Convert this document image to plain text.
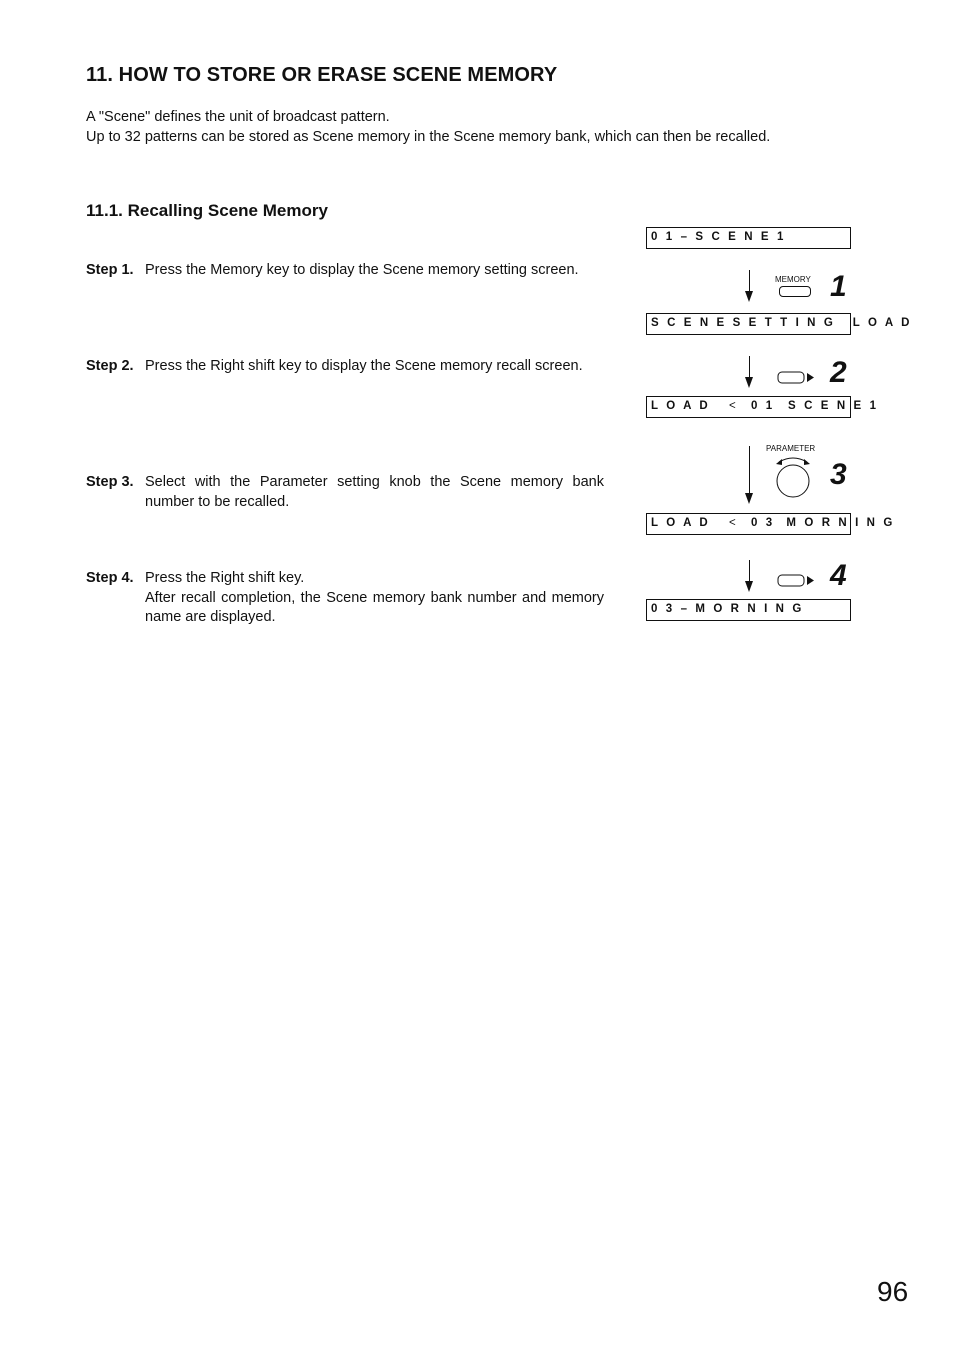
11. HOW TO STORE OR ERASE SCENE MEMORY
A "Scene" defines the unit of broadcast pattern.
Up to 32 patterns can be stored as Scene memory in the Scene memory bank, which can then be recalled.
11.1. Recalling Scene Memory
Step 1. Press the Memory key to display the Scene memory setting screen.
Step 2. Press the Right shift key to display the Scene memory recall screen.
Step 3. Select with the Parameter setting knob the Scene memory bank number to be recalled.
Step 4. Press the Right shift key.
After recall completion, the Scene memory bank number and memory name are displayed.
0 1 – S C E N E 1
S C E N E S E T T I N G   L O A D
L O A D < 0 1 S C E N E 1
L O A D < 0 3  M O R N I N G
0 3 – M O R N I N G
MEMORY 1
2
PARAMETER
3
4
96
